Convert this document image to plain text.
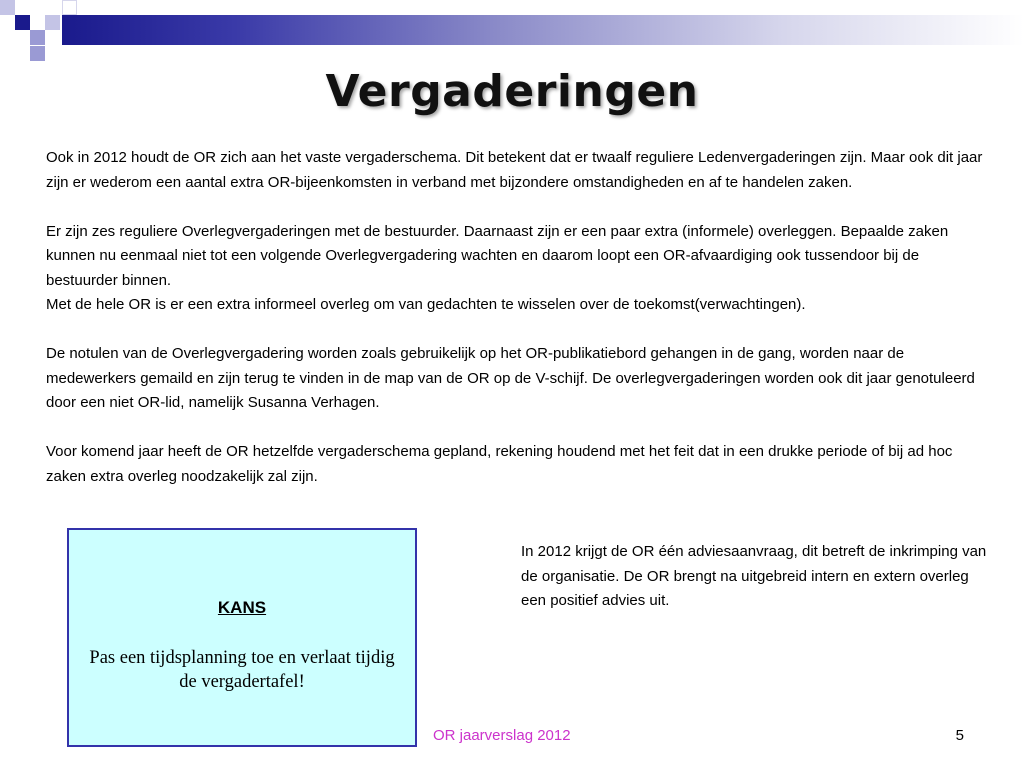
Vergaderingen

Ook in 2012 houdt de OR zich aan het vaste vergaderschema. Dit betekent dat er twaalf reguliere Ledenvergaderingen zijn. Maar ook dit jaar zijn er wederom een aantal extra OR-bijeenkomsten in verband met bijzondere omstandigheden en af te handelen zaken.

Er zijn zes reguliere Overlegvergaderingen met de bestuurder. Daarnaast zijn er een paar extra (informele) overleggen. Bepaalde zaken kunnen nu eenmaal niet tot een volgende Overlegvergadering wachten en daarom loopt een OR-afvaardiging ook tussendoor bij de bestuurder binnen.

Met de hele OR is er een extra informeel overleg om van gedachten te wisselen over de toekomst(verwachtingen).

De notulen van de Overlegvergadering worden zoals gebruikelijk op het OR-publikatiebord gehangen in de gang, worden naar de medewerkers gemaild en zijn terug te vinden in de map van de OR op de V-schijf. De overlegvergaderingen worden ook dit jaar genotuleerd door een niet OR-lid, namelijk Susanna Verhagen.

Voor komend jaar heeft de OR hetzelfde vergaderschema gepland, rekening houdend met het feit dat in een drukke periode of bij ad hoc zaken extra overleg noodzakelijk zal zijn.

KANS
Pas een tijdsplanning toe en verlaat tijdig de vergadertafel!
In 2012 krijgt de OR één adviesaanvraag, dit betreft de inkrimping van de organisatie. De OR brengt na uitgebreid intern en extern overleg een positief advies uit.
OR jaarverslag 2012	5
